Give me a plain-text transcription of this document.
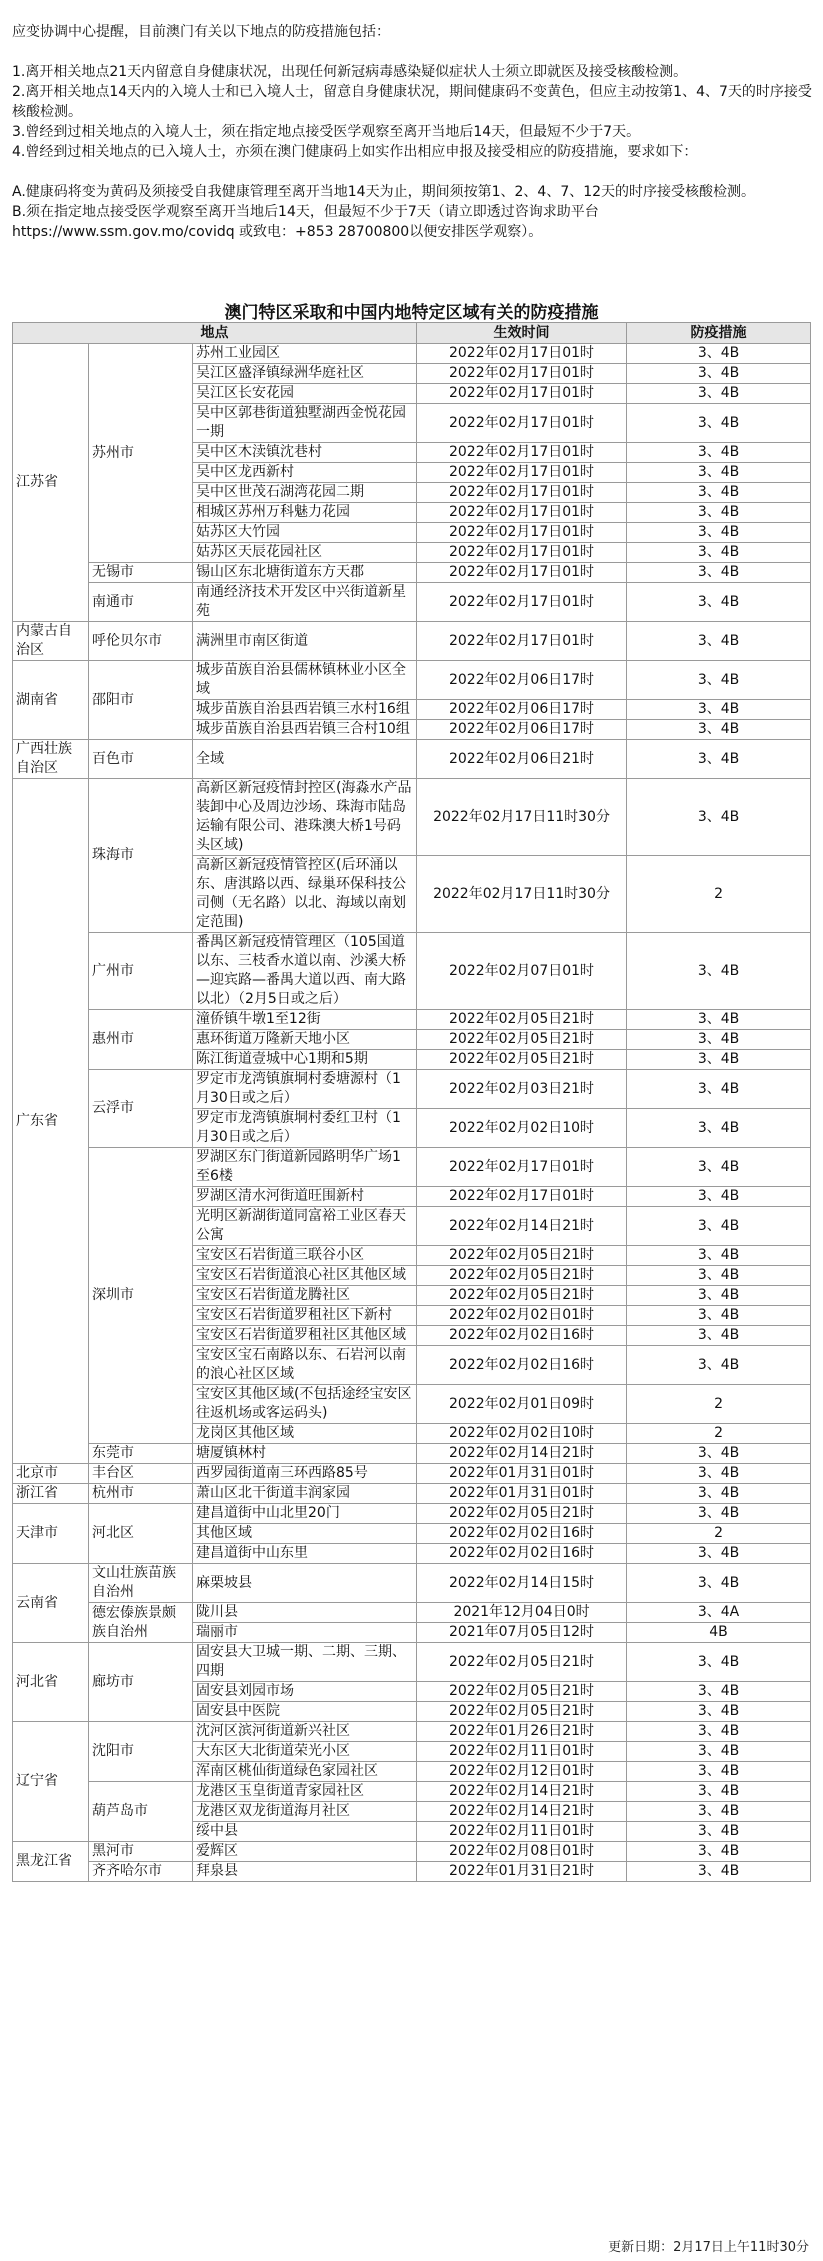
应变协调中心提醒，目前澳门有关以下地点的防疫措施包括：

1.离开相关地点21天内留意自身健康状况，出现任何新冠病毒感染疑似症状人士须立即就医及接受核酸检测。

2.离开相关地点14天内的入境人士和已入境人士，留意自身健康状况，期间健康码不变黄色，但应主动按第1、4、7天的时序接受核酸检测。

3.曾经到过相关地点的入境人士，须在指定地点接受医学观察至离开当地后14天，但最短不少于7天。

4.曾经到过相关地点的已入境人士，亦须在澳门健康码上如实作出相应申报及接受相应的防疫措施，要求如下：

A.健康码将变为黄码及须接受自我健康管理至离开当地14天为止，期间须按第1、2、4、7、12天的时序接受核酸检测。

B.须在指定地点接受医学观察至离开当地后14天，但最短不少于7天（请立即透过咨询求助平台https://www.ssm.gov.mo/covidq 或致电：+853 28700800以便安排医学观察）。

澳门特区采取和中国内地特定区域有关的防疫措施
地点			生效时间	防疫措施
江苏省	苏州市	苏州工业园区	2022年02月17日01时	3、4B
		吴江区盛泽镇绿洲华庭社区	2022年02月17日01时	3、4B
		吴江区长安花园	2022年02月17日01时	3、4B
		吴中区郭巷街道独墅湖西金悦花园一期	2022年02月17日01时	3、4B
		吴中区木渎镇沈巷村	2022年02月17日01时	3、4B
		吴中区龙西新村	2022年02月17日01时	3、4B
		吴中区世茂石湖湾花园二期	2022年02月17日01时	3、4B
		相城区苏州万科魅力花园	2022年02月17日01时	3、4B
		姑苏区大竹园	2022年02月17日01时	3、4B
		姑苏区天辰花园社区	2022年02月17日01时	3、4B
	无锡市	锡山区东北塘街道东方天郡	2022年02月17日01时	3、4B
	南通市	南通经济技术开发区中兴街道新星苑	2022年02月17日01时	3、4B
内蒙古自治区	呼伦贝尔市	满洲里市南区街道	2022年02月17日01时	3、4B
湖南省	邵阳市	城步苗族自治县儒林镇林业小区全域	2022年02月06日17时	3、4B
		城步苗族自治县西岩镇三水村16组	2022年02月06日17时	3、4B
		城步苗族自治县西岩镇三合村10组	2022年02月06日17时	3、4B
广西壮族自治区	百色市	全域	2022年02月06日21时	3、4B
广东省	珠海市	高新区新冠疫情封控区(海淼水产品装卸中心及周边沙场、珠海市陆岛运输有限公司、港珠澳大桥1号码头区域)	2022年02月17日11时30分	3、4B
		高新区新冠疫情管控区(后环涌以东、唐淇路以西、绿巢环保科技公司侧（无名路）以北、海域以南划定范围)	2022年02月17日11时30分	2
	广州市	番禺区新冠疫情管理区（105国道以东、三枝香水道以南、沙溪大桥—迎宾路—番禺大道以西、南大路以北）（2月5日或之后）	2022年02月07日01时	3、4B
	惠州市	潼侨镇牛墩1至12街	2022年02月05日21时	3、4B
		惠环街道万隆新天地小区	2022年02月05日21时	3、4B
		陈江街道壹城中心1期和5期	2022年02月05日21时	3、4B
	云浮市	罗定市龙湾镇旗垌村委塘源村（1月30日或之后）	2022年02月03日21时	3、4B
		罗定市龙湾镇旗垌村委红卫村（1月30日或之后）	2022年02月02日10时	3、4B
	深圳市	罗湖区东门街道新园路明华广场1至6楼	2022年02月17日01时	3、4B
		罗湖区清水河街道旺围新村	2022年02月17日01时	3、4B
		光明区新湖街道同富裕工业区春天公寓	2022年02月14日21时	3、4B
		宝安区石岩街道三联谷小区	2022年02月05日21时	3、4B
		宝安区石岩街道浪心社区其他区域	2022年02月05日21时	3、4B
		宝安区石岩街道龙腾社区	2022年02月05日21时	3、4B
		宝安区石岩街道罗租社区下新村	2022年02月02日01时	3、4B
		宝安区石岩街道罗租社区其他区域	2022年02月02日16时	3、4B
		宝安区宝石南路以东、石岩河以南的浪心社区区域	2022年02月02日16时	3、4B
		宝安区其他区域(不包括途经宝安区往返机场或客运码头)	2022年02月01日09时	2
		龙岗区其他区域	2022年02月02日10时	2
	东莞市	塘厦镇林村	2022年02月14日21时	3、4B
北京市	丰台区	西罗园街道南三环西路85号	2022年01月31日01时	3、4B
浙江省	杭州市	萧山区北干街道丰润家园	2022年01月31日01时	3、4B
天津市	河北区	建昌道街中山北里20门	2022年02月05日21时	3、4B
		其他区域	2022年02月02日16时	2
		建昌道街中山东里	2022年02月02日16时	3、4B
云南省	文山壮族苗族自治州	麻栗坡县	2022年02月14日15时	3、4B
	德宏傣族景颇族自治州	陇川县	2021年12月04日0时	3、4A
		瑞丽市	2021年07月05日12时	4B
河北省	廊坊市	固安县大卫城一期、二期、三期、四期	2022年02月05日21时	3、4B
		固安县刘园市场	2022年02月05日21时	3、4B
		固安县中医院	2022年02月05日21时	3、4B
辽宁省	沈阳市	沈河区滨河街道新兴社区	2022年01月26日21时	3、4B
		大东区大北街道荣光小区	2022年02月11日01时	3、4B
		浑南区桃仙街道绿色家园社区	2022年02月12日01时	3、4B
	葫芦岛市	龙港区玉皇街道青家园社区	2022年02月14日21时	3、4B
		龙港区双龙街道海月社区	2022年02月14日21时	3、4B
		绥中县	2022年02月11日01时	3、4B
黑龙江省	黑河市	爱辉区	2022年02月08日01时	3、4B
	齐齐哈尔市	拜泉县	2022年01月31日21时	3、4B
更新日期：2月17日上午11时30分
